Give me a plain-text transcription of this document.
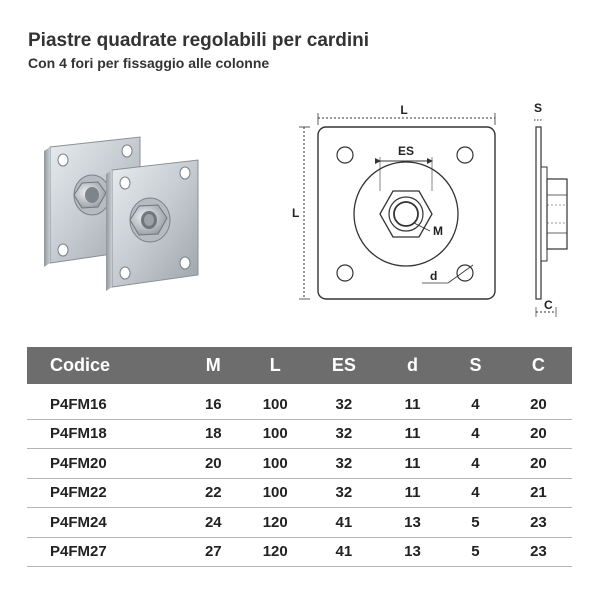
Piastre quadrate regolabili per cardini
Con 4 fori per fissaggio alle colonne
ES
M
d
L
L
S
C
Codice	M	L	ES	d	S	C
P4FM16	16	100	32	11	4	20
P4FM18	18	100	32	11	4	20
P4FM20	20	100	32	11	4	20
P4FM22	22	100	32	11	4	21
P4FM24	24	120	41	13	5	23
P4FM27	27	120	41	13	5	23
